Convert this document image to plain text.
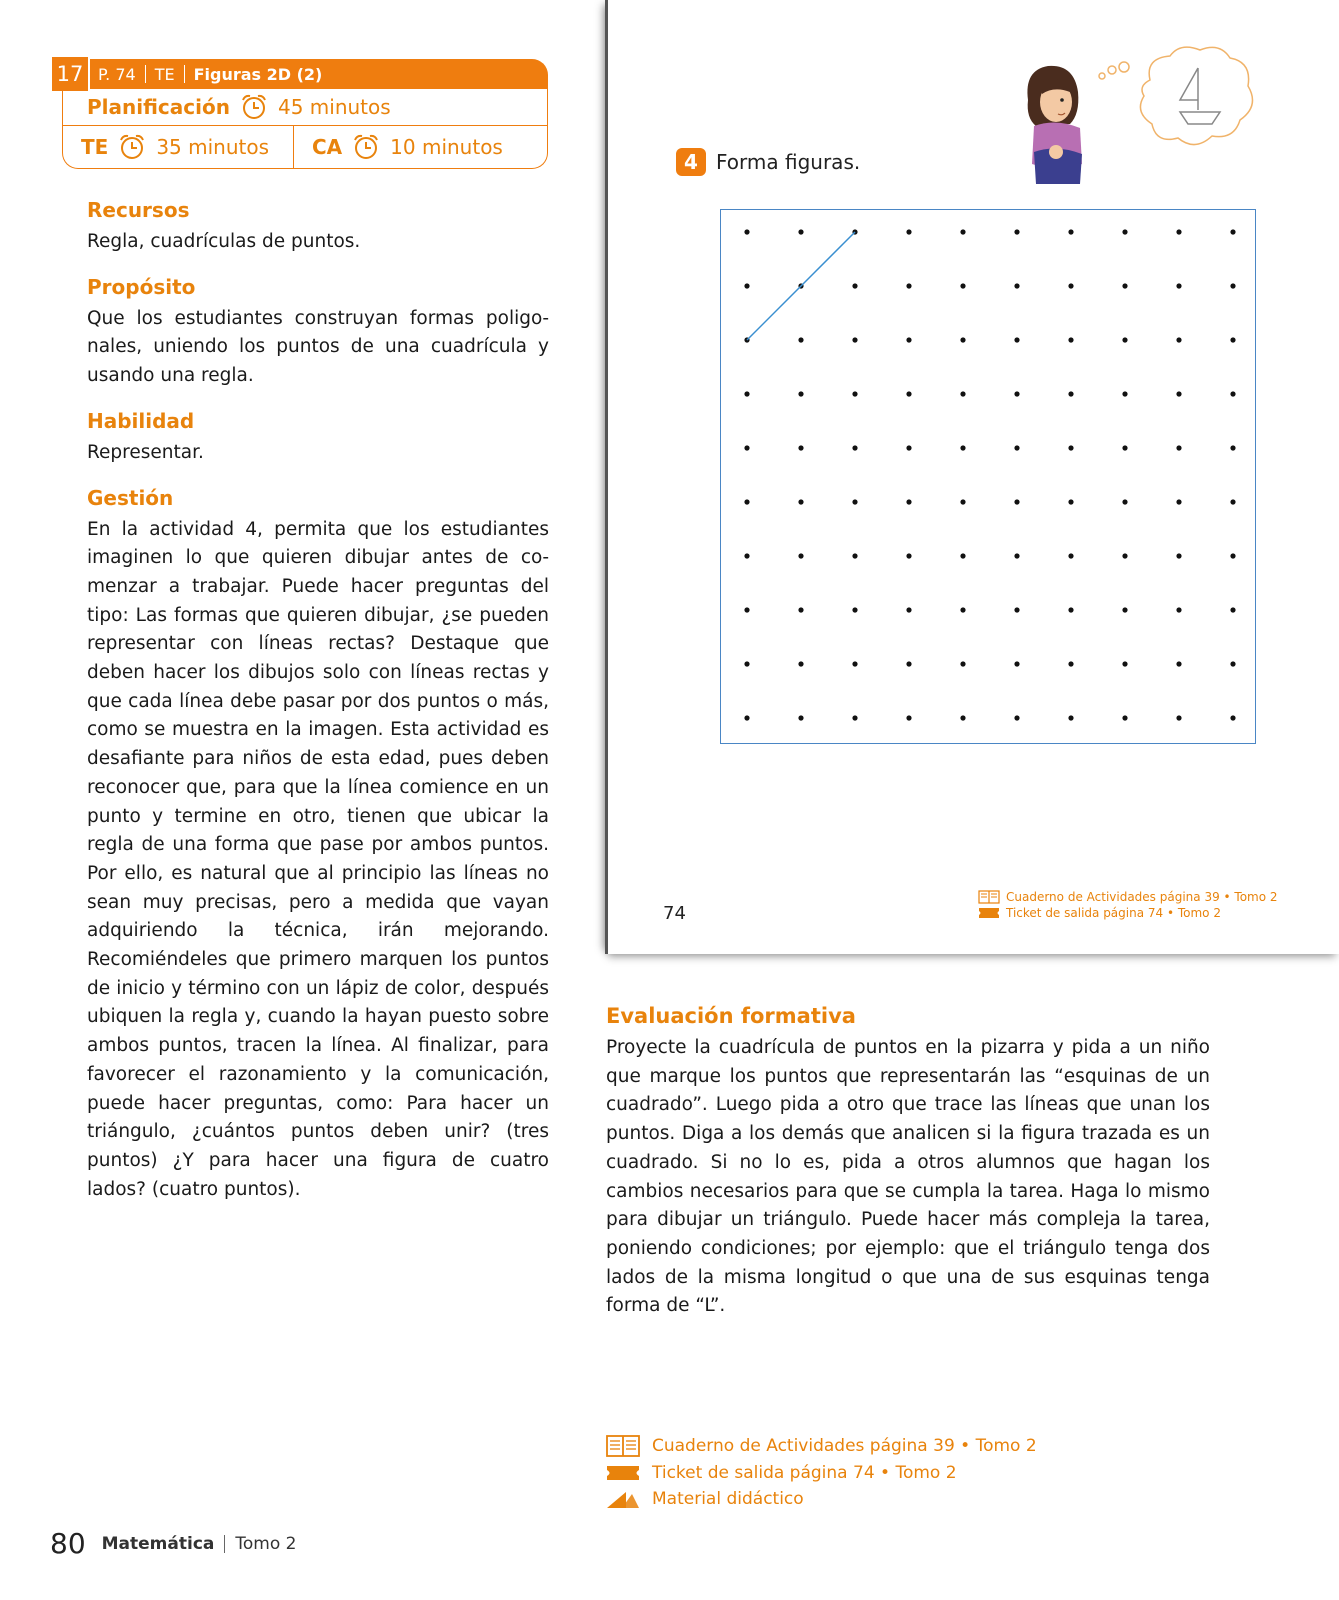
17 P. 74 TE Figuras 2D (2)
Planificación 45 minutos
TE 35 minutos CA 10 minutos
Recursos

Regla, cuadrículas de puntos.

Propósito

Que los estudiantes construyan formas poligonales, uniendo los puntos de una cuadrícula y usando una regla.

Habilidad

Representar.

Gestión

En la actividad 4, permita que los estudiantes imaginen lo que quieren dibujar antes de comenzar a trabajar. Puede hacer preguntas del tipo: Las formas que quieren dibujar, ¿se pueden representar con líneas rectas? Destaque que deben hacer los dibujos solo con líneas rectas y que cada línea debe pasar por dos puntos o más, como se muestra en la imagen. Esta actividad es desafiante para niños de esta edad, pues deben reconocer que, para que la línea comience en un punto y termine en otro, tienen que ubicar la regla de una forma que pase por ambos puntos. Por ello, es natural que al principio las líneas no sean muy precisas, pero a medida que vayan adquiriendo la técnica, irán mejorando. Recomiéndeles que primero marquen los puntos de inicio y término con un lápiz de color, después ubiquen la regla y, cuando la hayan puesto sobre ambos puntos, tracen la línea. Al finalizar, para favorecer el razonamiento y la comunicación, puede hacer preguntas, como: Para hacer un triángulo, ¿cuántos puntos deben unir? (tres puntos) ¿Y para hacer una figura de cuatro lados? (cuatro puntos).

4 Forma figuras.
74
Cuaderno de Actividades página 39 • Tomo 2
Ticket de salida página 74 • Tomo 2
Evaluación formativa

Proyecte la cuadrícula de puntos en la pizarra y pida a un niño que marque los puntos que representarán las “esquinas de un cuadrado”. Luego pida a otro que trace las líneas que unan los puntos. Diga a los demás que analicen si la figura trazada es un cuadrado. Si no lo es, pida a otros alumnos que hagan los cambios necesarios para que se cumpla la tarea. Haga lo mismo para dibujar un triángulo. Puede hacer más compleja la tarea, poniendo condiciones; por ejemplo: que el triángulo tenga dos lados de la misma longitud o que una de sus esquinas tenga forma de “L”.

Cuaderno de Actividades página 39 • Tomo 2
Ticket de salida página 74 • Tomo 2
Material didáctico
80 Matemática Tomo 2
